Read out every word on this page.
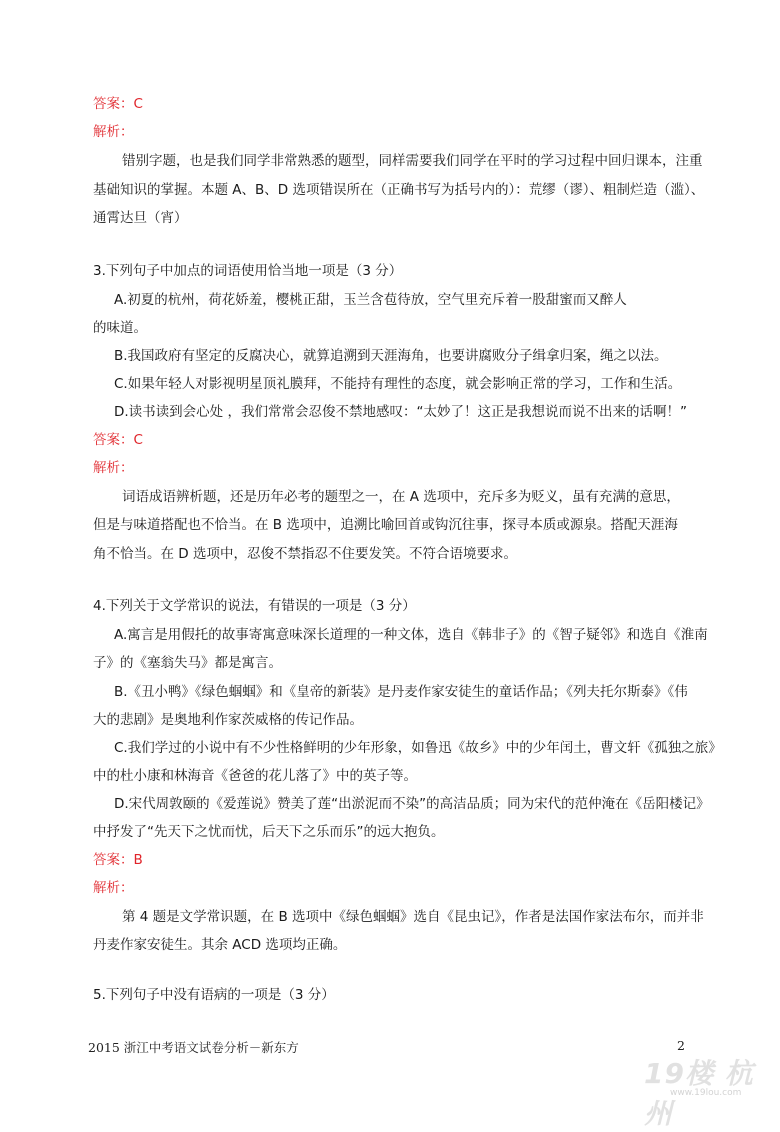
答案：C
解析：
错别字题，也是我们同学非常熟悉的题型，同样需要我们同学在平时的学习过程中回归课本，注重
基础知识的掌握。本题 A、B、D 选项错误所在（正确书写为括号内的）：荒缪（谬）、粗制烂造（滥）、
通霄达旦（宵）
3.下列句子中加点的词语使用恰当地一项是（3 分）
A.初夏的杭州，荷花娇羞，樱桃正甜，玉兰含苞待放，空气里充斥着一股甜蜜而又醉人
的味道。
B.我国政府有坚定的反腐决心，就算追溯到天涯海角，也要讲腐败分子缉拿归案，绳之以法。
C.如果年轻人对影视明星顶礼膜拜，不能持有理性的态度，就会影响正常的学习，工作和生活。
D.读书读到会心处 ，我们常常会忍俊不禁地感叹：“太妙了！这正是我想说而说不出来的话啊！”
答案：C
解析：
词语成语辨析题，还是历年必考的题型之一，在 A 选项中，充斥多为贬义，虽有充满的意思，
但是与味道搭配也不恰当。在 B 选项中，追溯比喻回首或钩沉往事，探寻本质或源泉。搭配天涯海
角不恰当。在 D 选项中，忍俊不禁指忍不住要发笑。不符合语境要求。
4.下列关于文学常识的说法，有错误的一项是（3 分）
A.寓言是用假托的故事寄寓意味深长道理的一种文体，选自《韩非子》的《智子疑邻》和选自《淮南
子》的《塞翁失马》都是寓言。
B.《丑小鸭》《绿色蝈蝈》和《皇帝的新装》是丹麦作家安徒生的童话作品；《列夫托尔斯泰》《伟
大的悲剧》是奥地利作家茨威格的传记作品。
C.我们学过的小说中有不少性格鲜明的少年形象，如鲁迅《故乡》中的少年闰土，曹文轩《孤独之旅》
中的杜小康和林海音《爸爸的花儿落了》中的英子等。
D.宋代周敦颐的《爱莲说》赞美了莲“出淤泥而不染”的高洁品质；同为宋代的范仲淹在《岳阳楼记》
中抒发了“先天下之忧而忧，后天下之乐而乐”的远大抱负。
答案：B
解析：
第 4 题是文学常识题，在 B 选项中《绿色蝈蝈》选自《昆虫记》，作者是法国作家法布尔，而并非
丹麦作家安徒生。其余 ACD 选项均正确。
5.下列句子中没有语病的一项是（3 分）
2015 浙江中考语文试卷分析－新东方	2
19楼 杭州
www.19lou.com
